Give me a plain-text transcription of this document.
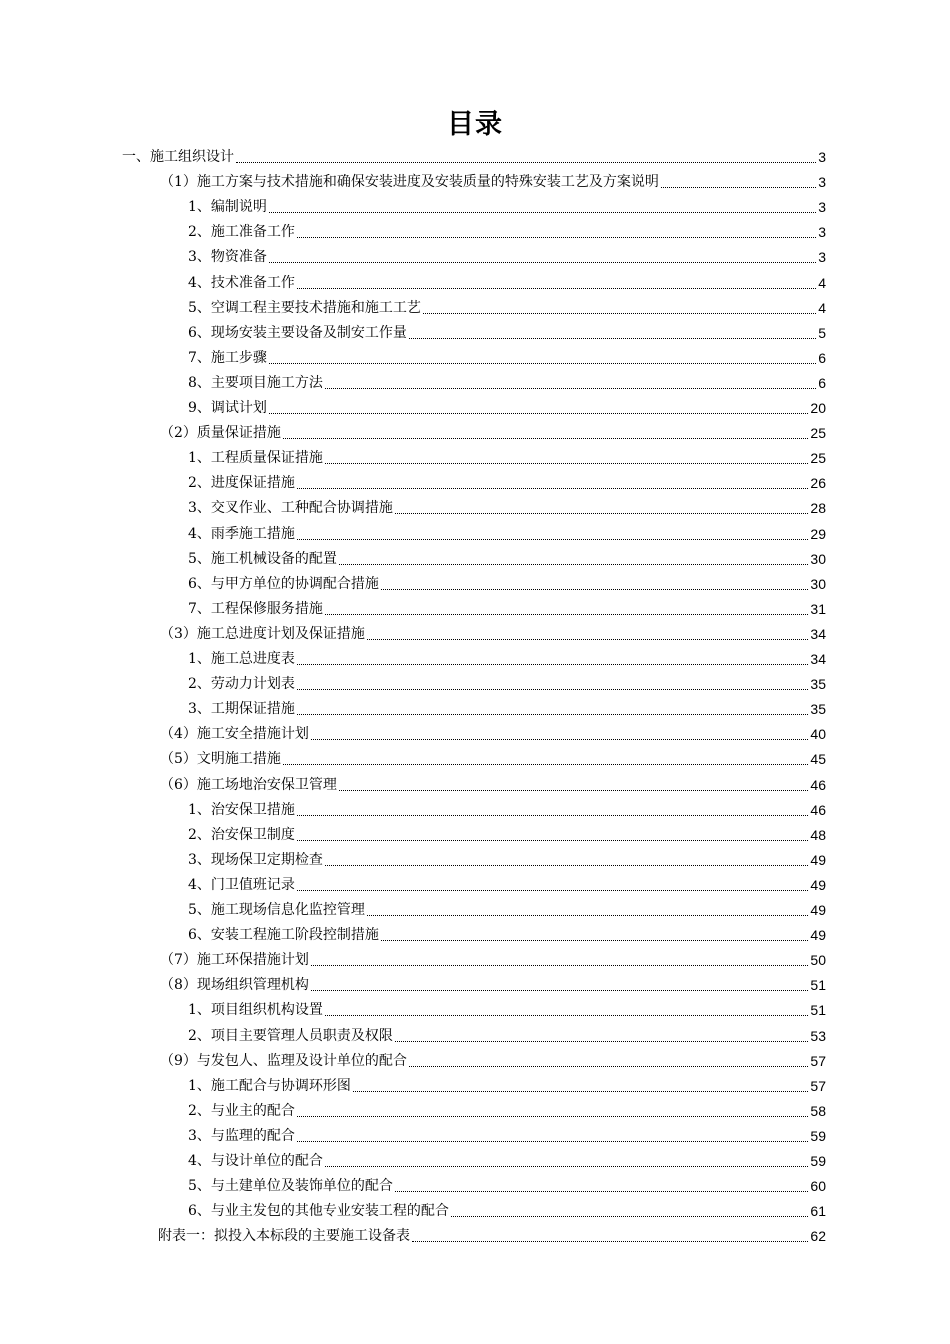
目录
一、施工组织设计	3
（1）施工方案与技术措施和确保安装进度及安装质量的特殊安装工艺及方案说明	3
1、编制说明	3
2、施工准备工作	3
3、物资准备	3
4、技术准备工作	4
5、空调工程主要技术措施和施工工艺	4
6、现场安装主要设备及制安工作量	5
7、施工步骤	6
8、主要项目施工方法	6
9、调试计划	20
（2）质量保证措施	25
1、工程质量保证措施	25
2、进度保证措施	26
3、交叉作业、工种配合协调措施	28
4、雨季施工措施	29
5、施工机械设备的配置	30
6、与甲方单位的协调配合措施	30
7、工程保修服务措施	31
（3）施工总进度计划及保证措施	34
1、施工总进度表	34
2、劳动力计划表	35
3、工期保证措施	35
（4）施工安全措施计划	40
（5）文明施工措施	45
（6）施工场地治安保卫管理	46
1、治安保卫措施	46
2、治安保卫制度	48
3、现场保卫定期检查	49
4、门卫值班记录	49
5、施工现场信息化监控管理	49
6、安装工程施工阶段控制措施	49
（7）施工环保措施计划	50
（8）现场组织管理机构	51
1、项目组织机构设置	51
2、项目主要管理人员职责及权限	53
（9）与发包人、监理及设计单位的配合	57
1、施工配合与协调环形图	57
2、与业主的配合	58
3、与监理的配合	59
4、与设计单位的配合	59
5、与土建单位及装饰单位的配合	60
6、与业主发包的其他专业安装工程的配合	61
附表一：拟投入本标段的主要施工设备表	62
